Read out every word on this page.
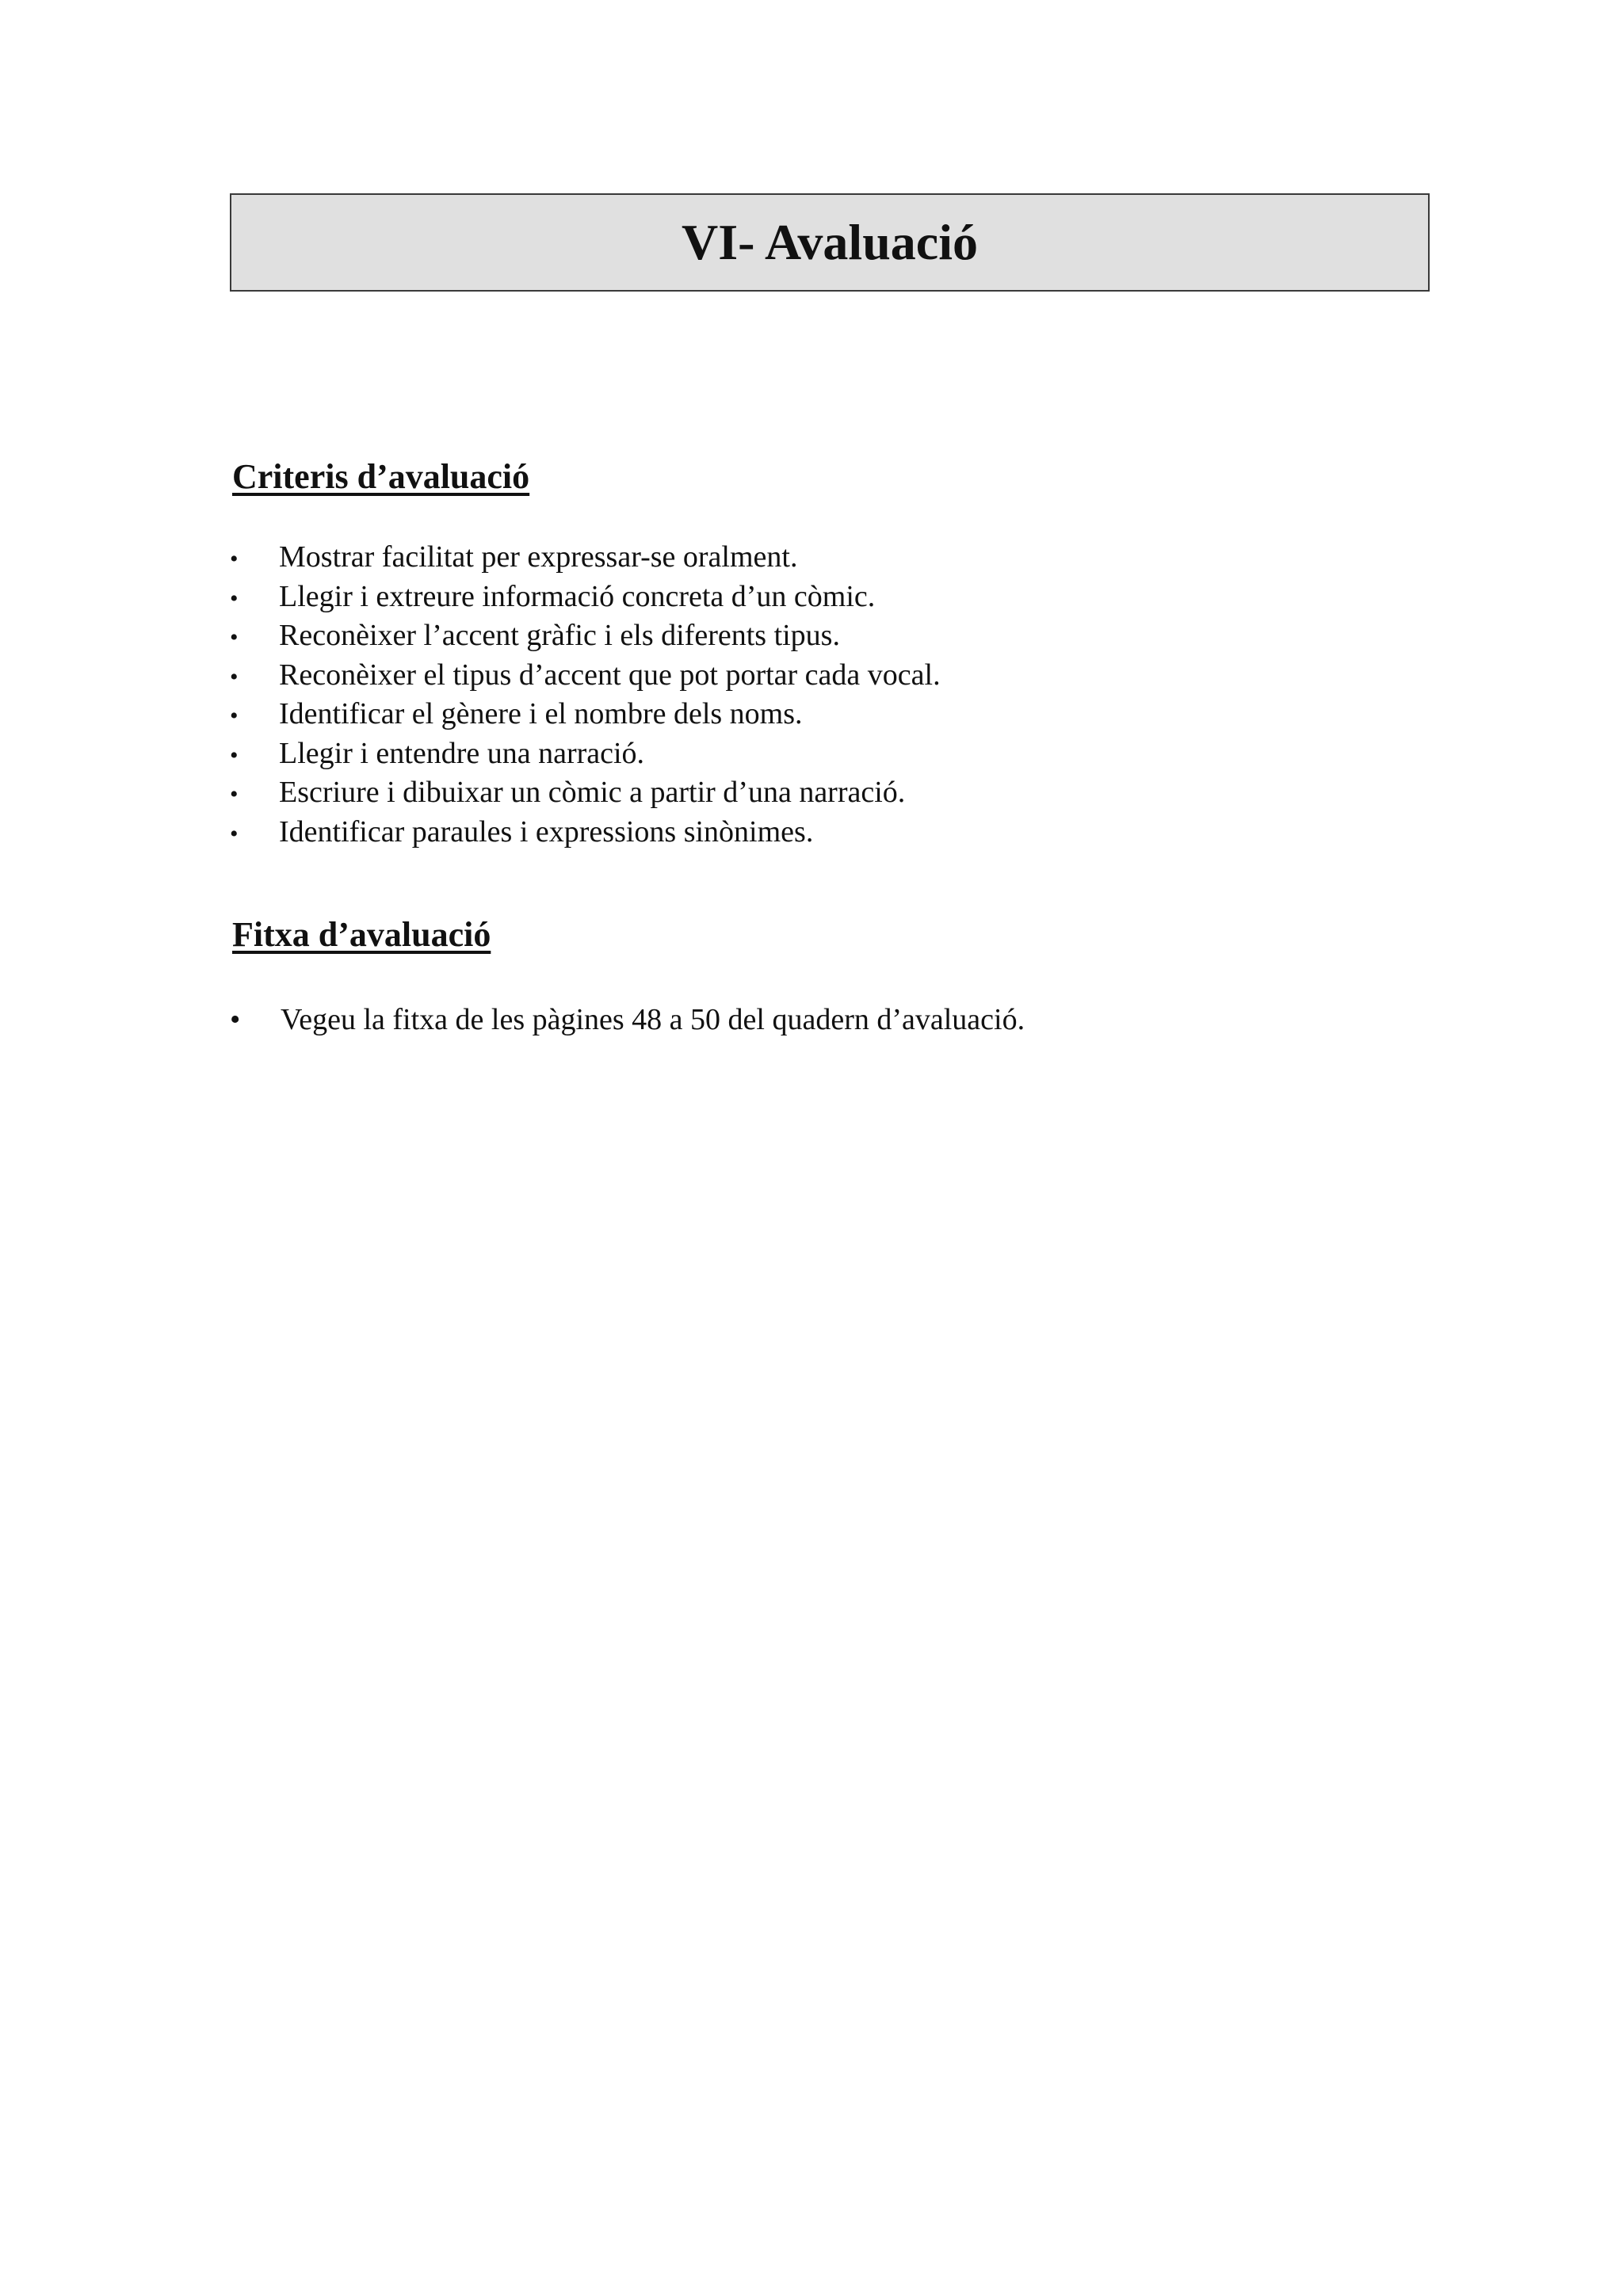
VI- Avaluació
Criteris d’avaluació
•	Mostrar facilitat per expressar-se oralment.
•	Llegir i extreure informació concreta d’un còmic.
•	Reconèixer l’accent gràfic i els diferents tipus.
•	Reconèixer el tipus d’accent que pot portar cada vocal.
•	Identificar el gènere i el nombre dels noms.
•	Llegir i entendre una narració.
•	Escriure i dibuixar un còmic a partir d’una narració.
•	Identificar paraules i expressions sinònimes.
Fitxa d’avaluació
•	Vegeu la fitxa de les pàgines 48 a 50 del quadern d’avaluació.
